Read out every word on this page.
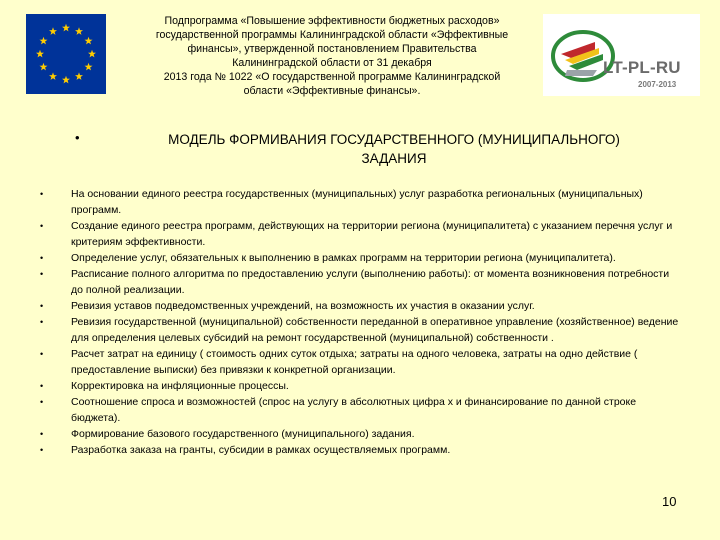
Подпрограмма «Повышение эффективности бюджетных расходов»
государственной программы Калининградской области «Эффективные
финансы», утвержденной постановлением Правительства
Калининградской области от 31 декабря
2013 года № 1022 «О государственной программе Калининградской
области «Эффективные финансы».
LT-PL-RU
2007-2013
•	МОДЕЛЬ ФОРМИВАНИЯ ГОСУДАРСТВЕННОГО (МУНИЦИПАЛЬНОГО)
ЗАДАНИЯ
•	На основании единого реестра государственных (муниципальных) услуг разработка региональных (муниципальных) программ.
•	Создание единого реестра программ, действующих на территории региона (муниципалитета) с указанием перечня услуг и критериям эффективности.
•	Определение услуг, обязательных к выполнению в рамках программ на территории региона (муниципалитета).
•	Расписание полного алгоритма по предоставлению услуги (выполнению работы): от момента возникновения потребности до полной реализации.
•	Ревизия уставов подведомственных учреждений, на возможность их участия в оказании услуг.
•	Ревизия государственной (муниципальной) собственности переданной в оперативное управление (хозяйственное) ведение для определения целевых субсидий на ремонт государственной (муниципальной) собственности .
•	Расчет затрат на единицу ( стоимость одних суток отдыха; затраты на одного человека, затраты на одно действие ( предоставление выписки) без привязки к конкретной организации.
•	Корректировка на инфляционные процессы.
•	Соотношение спроса и возможностей (спрос на услугу в абсолютных цифра х и финансирование по данной строке бюджета).
•	Формирование базового государственного (муниципального) задания.
•	Разработка заказа на гранты, субсидии в рамках осуществляемых программ.
10
